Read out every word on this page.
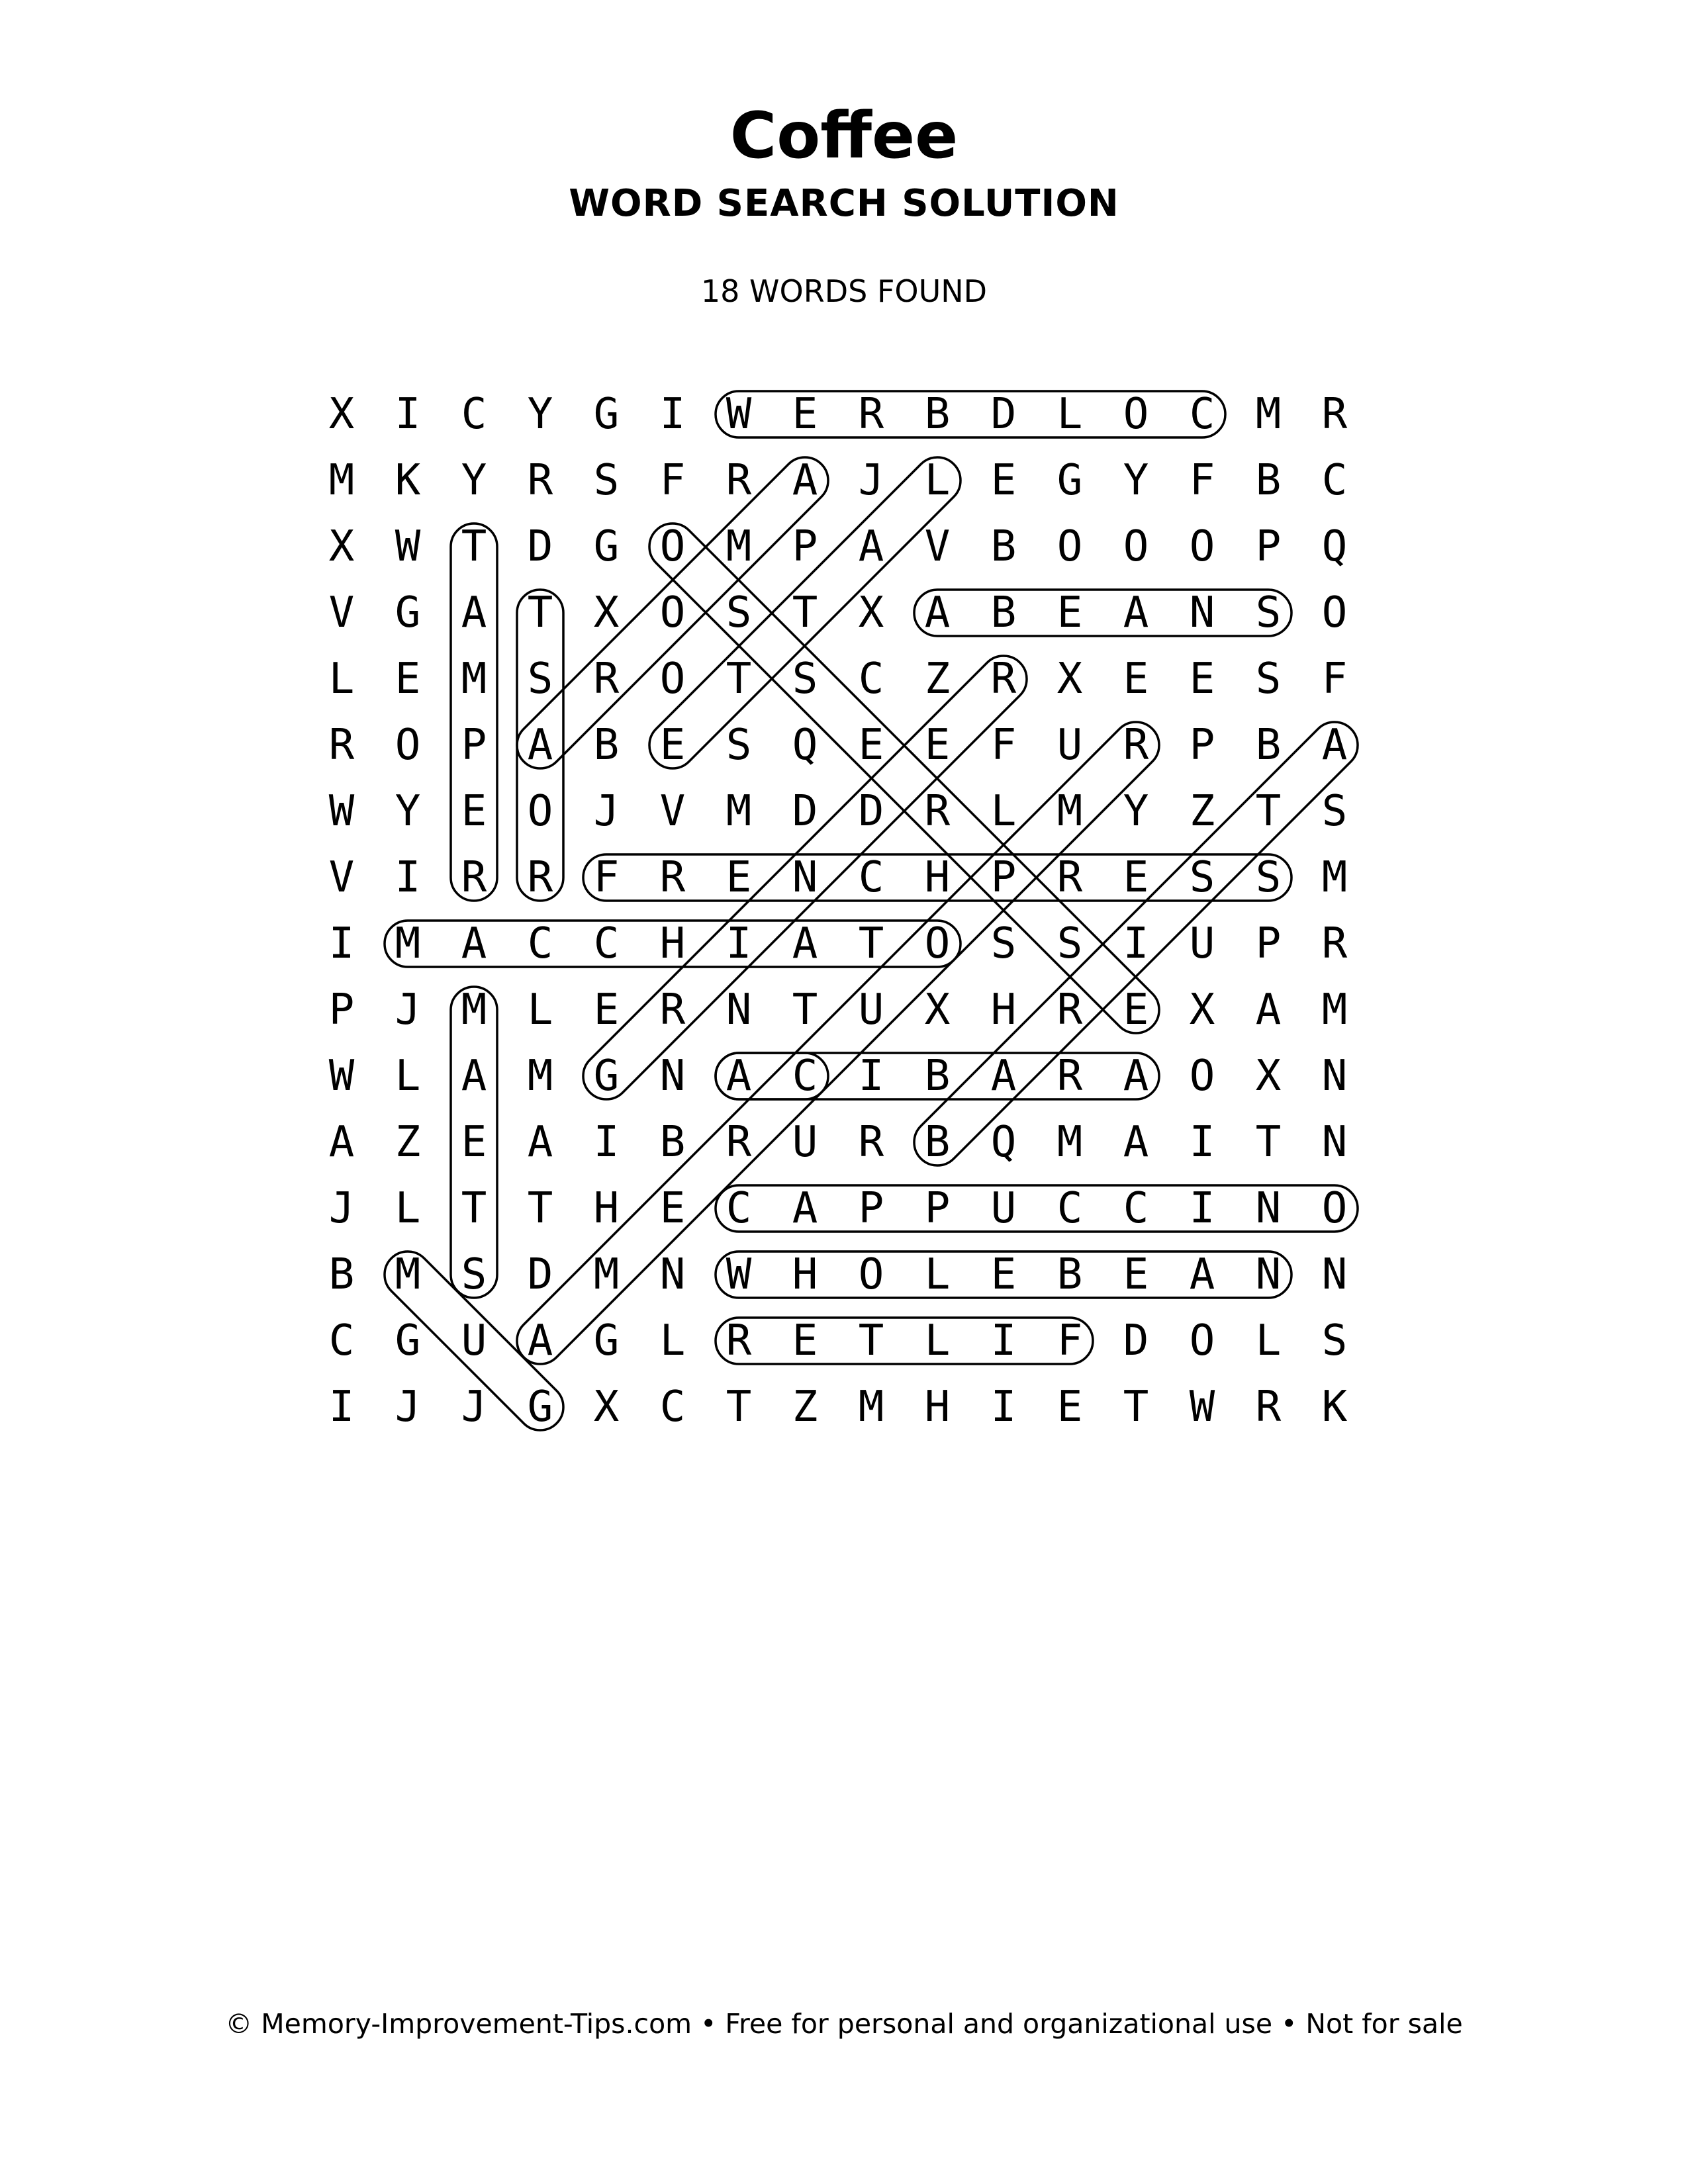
Coffee
WORD SEARCH SOLUTION
18 WORDS FOUND
X I C Y G I W E R B D L O C M R
M K Y R S F R A J L E G Y F B C
X W T D G O M P A V B O O O P Q
V G A T X O S T X A B E A N S O
L E M S R O T S C Z R X E E S F
R O P A B E S Q E E F U R P B A
W Y E O J V M D D R L M Y Z T S
V I R R F R E N C H P R E S S M
I M A C C H I A T O S S I U P R
P J M L E R N T U X H R E X A M
W L A M G N A C I B A R A O X N
A Z E A I B R U R B Q M A I T N
J L T T H E C A P P U C C I N O
B M S D M N W H O L E B E A N N
C G U A G L R E T L I F D O L S
I J J G X C T Z M H I E T W R K
© Memory-Improvement-Tips.com • Free for personal and organizational use • Not for sale
